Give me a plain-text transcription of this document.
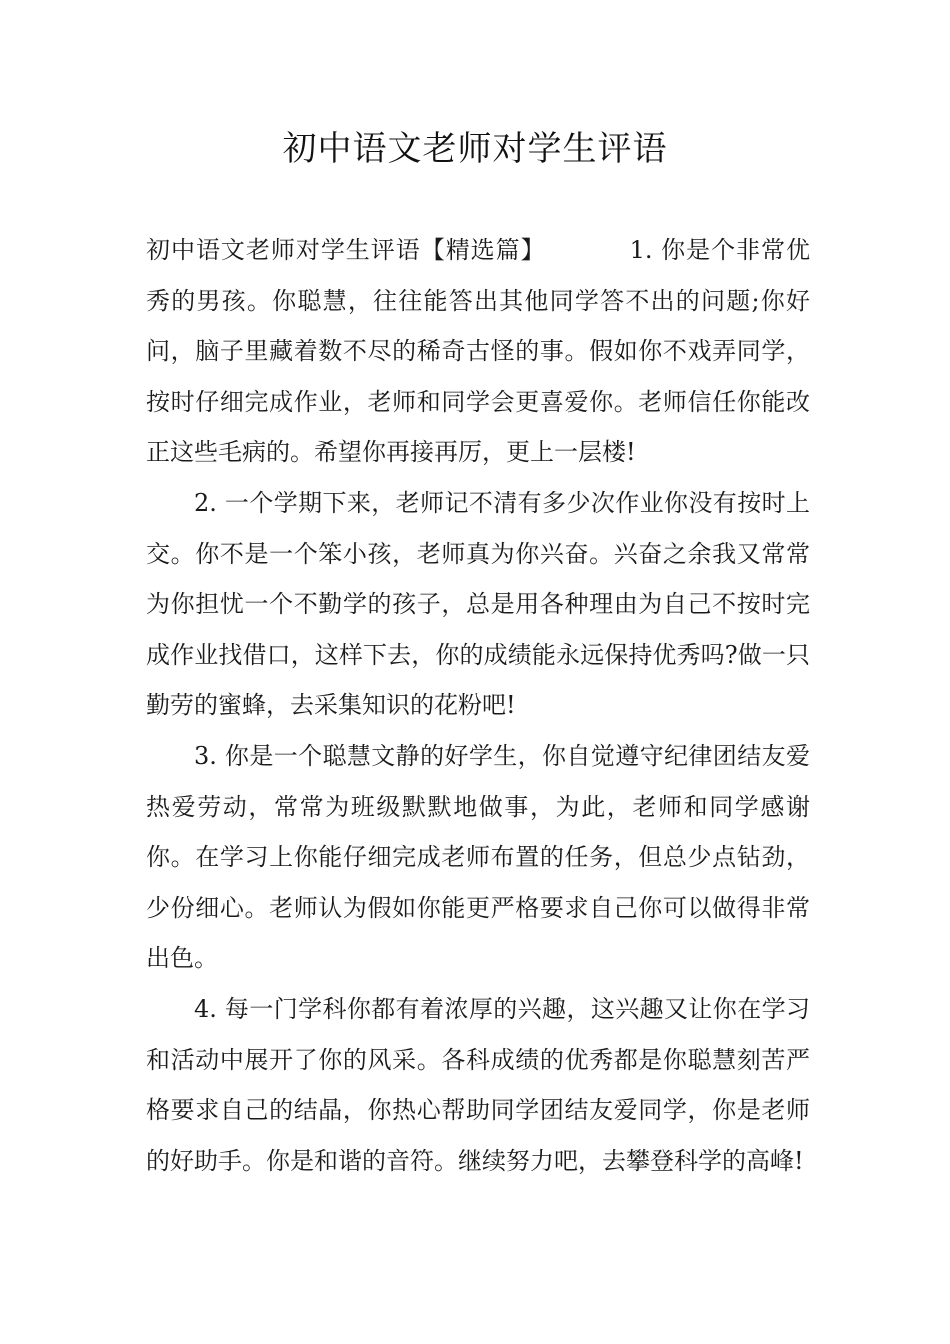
初中语文老师对学生评语

初中语文老师对学生评语【精选篇】	1. 你是个非常优秀的男孩。你聪慧，往往能答出其他同学答不出的问题;你好问，脑子里藏着数不尽的稀奇古怪的事。假如你不戏弄同学，按时仔细完成作业，老师和同学会更喜爱你。老师信任你能改正这些毛病的。希望你再接再厉，更上一层楼!

2. 一个学期下来，老师记不清有多少次作业你没有按时上交。你不是一个笨小孩，老师真为你兴奋。兴奋之余我又常常为你担忧一个不勤学的孩子，总是用各种理由为自己不按时完成作业找借口，这样下去，你的成绩能永远保持优秀吗?做一只勤劳的蜜蜂，去采集知识的花粉吧!

3. 你是一个聪慧文静的好学生，你自觉遵守纪律团结友爱热爱劳动，常常为班级默默地做事，为此，老师和同学感谢你。在学习上你能仔细完成老师布置的任务，但总少点钻劲，少份细心。老师认为假如你能更严格要求自己你可以做得非常出色。

4. 每一门学科你都有着浓厚的兴趣，这兴趣又让你在学习和活动中展开了你的风采。各科成绩的优秀都是你聪慧刻苦严格要求自己的结晶，你热心帮助同学团结友爱同学，你是老师的好助手。你是和谐的音符。继续努力吧，去攀登科学的高峰!
